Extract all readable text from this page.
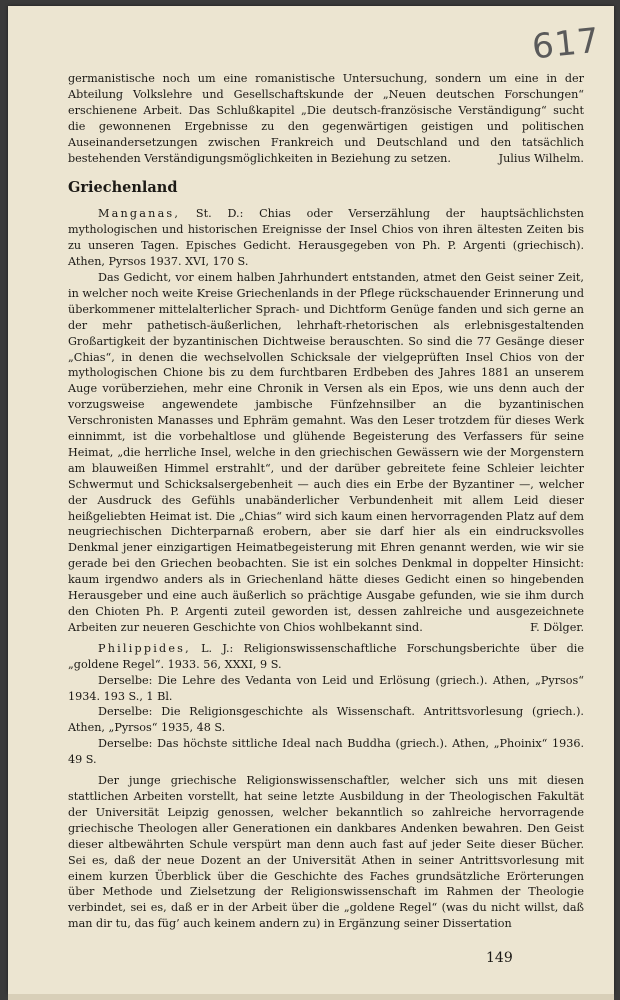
617

germanistische noch um eine romanistische Untersuchung, sondern um eine in der Abteilung Volkslehre und Gesellschaftskunde der „Neuen deutschen Forschungen“ erschienene Arbeit. Das Schlußkapitel „Die deutsch-französische Verständigung“ sucht die gewonnenen Ergebnisse zu den gegenwärtigen geistigen und politischen Auseinandersetzungen zwischen Frankreich und Deutschland und den tatsächlich bestehenden Verständigungsmöglichkeiten in Beziehung zu setzen.	Julius Wilhelm.

Griechenland

Manganas, St. D.: Chias oder Verserzählung der hauptsächlichsten mythologischen und historischen Ereignisse der Insel Chios von ihren ältesten Zeiten bis zu unseren Tagen. Episches Gedicht. Herausgegeben von Ph. P. Argenti (griechisch). Athen, Pyrsos 1937. XVI, 170 S.

Das Gedicht, vor einem halben Jahrhundert entstanden, atmet den Geist seiner Zeit, in welcher noch weite Kreise Griechenlands in der Pflege rückschauender Erinnerung und überkommener mittelalterlicher Sprach- und Dichtform Genüge fanden und sich gerne an der mehr pathetisch-äußerlichen, lehrhaft-rhetorischen als erlebnisgestaltenden Großartigkeit der byzantinischen Dichtweise berauschten. So sind die 77 Gesänge dieser „Chias“, in denen die wechselvollen Schicksale der vielgeprüften Insel Chios von der mythologischen Chione bis zu dem furchtbaren Erdbeben des Jahres 1881 an unserem Auge vorüberziehen, mehr eine Chronik in Versen als ein Epos, wie uns denn auch der vorzugsweise angewendete jambische Fünfzehnsilber an die byzantinischen Verschronisten Manasses und Ephräm gemahnt. Was den Leser trotzdem für dieses Werk einnimmt, ist die vorbehaltlose und glühende Begeisterung des Verfassers für seine Heimat, „die herrliche Insel, welche in den griechischen Gewässern wie der Morgenstern am blauweißen Himmel erstrahlt“, und der darüber gebreitete feine Schleier leichter Schwermut und Schicksalsergebenheit — auch dies ein Erbe der Byzantiner —, welcher der Ausdruck des Gefühls unabänderlicher Verbundenheit mit allem Leid dieser heißgeliebten Heimat ist. Die „Chias“ wird sich kaum einen hervorragenden Platz auf dem neugriechischen Dichterparnaß erobern, aber sie darf hier als ein eindrucksvolles Denkmal jener einzigartigen Heimatbegeisterung mit Ehren genannt werden, wie wir sie gerade bei den Griechen beobachten. Sie ist ein solches Denkmal in doppelter Hinsicht: kaum irgendwo anders als in Griechenland hätte dieses Gedicht einen so hingebenden Herausgeber und eine auch äußerlich so prächtige Ausgabe gefunden, wie sie ihm durch den Chioten Ph. P. Argenti zuteil geworden ist, dessen zahlreiche und ausgezeichnete Arbeiten zur neueren Geschichte von Chios wohlbekannt sind.	F. Dölger.

Philippides, L. J.: Religionswissenschaftliche Forschungsberichte über die „goldene Regel“. 1933. 56, XXXI, 9 S.

Derselbe: Die Lehre des Vedanta von Leid und Erlösung (griech.). Athen, „Pyrsos“ 1934. 193 S., 1 Bl.

Derselbe: Die Religionsgeschichte als Wissenschaft. Antrittsvorlesung (griech.). Athen, „Pyrsos“ 1935, 48 S.

Derselbe: Das höchste sittliche Ideal nach Buddha (griech.). Athen, „Phoinix“ 1936. 49 S.

Der junge griechische Religionswissenschaftler, welcher sich uns mit diesen stattlichen Arbeiten vorstellt, hat seine letzte Ausbildung in der Theologischen Fakultät der Universität Leipzig genossen, welcher bekanntlich so zahlreiche hervorragende griechische Theologen aller Generationen ein dankbares Andenken bewahren. Den Geist dieser altbewährten Schule verspürt man denn auch fast auf jeder Seite dieser Bücher. Sei es, daß der neue Dozent an der Universität Athen in seiner Antrittsvorlesung mit einem kurzen Überblick über die Geschichte des Faches grundsätzliche Erörterungen über Methode und Zielsetzung der Religionswissenschaft im Rahmen der Theologie verbindet, sei es, daß er in der Arbeit über die „goldene Regel“ (was du nicht willst, daß man dir tu, das füg’ auch keinem andern zu) in Ergänzung seiner Dissertation

149
